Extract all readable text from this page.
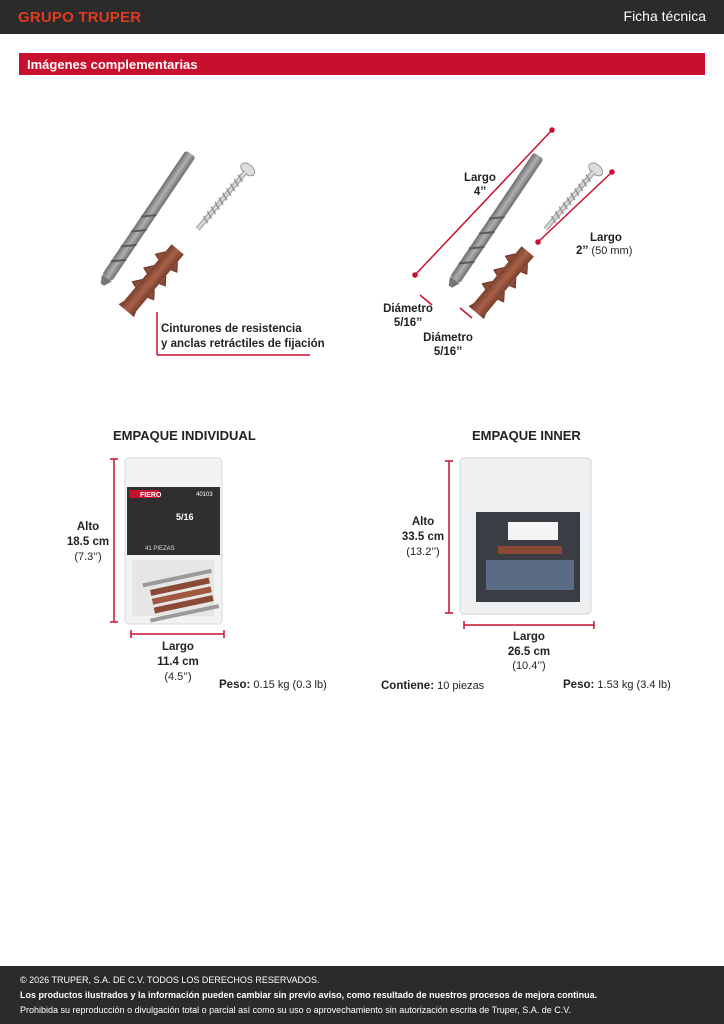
GRUPO TRUPER	Ficha técnica
Imágenes complementarias
FIERO	40103
5/16
41 PIEZAS
Cinturones de resistencia
y anclas retráctiles de fijación
Largo
4’’
Largo
2’’ (50 mm)
Diámetro
5/16’’
Diámetro
5/16’’
EMPAQUE INDIVIDUAL
Alto
18.5 cm
(7.3’’)
Largo
11.4 cm
(4.5’’)
Peso: 0.15 kg (0.3 lb)
EMPAQUE INNER
Alto
33.5 cm
(13.2’’)
Largo
26.5 cm
(10.4’’)
Contiene: 10 piezas	Peso: 1.53 kg (3.4 lb)
© 2026 TRUPER, S.A. DE C.V. TODOS LOS DERECHOS RESERVADOS.
Los productos ilustrados y la información pueden cambiar sin previo aviso, como resultado de nuestros procesos de mejora continua.
Prohibida su reproducción o divulgación total o parcial así como su uso o aprovechamiento sin autorización escrita de Truper, S.A. de C.V.
